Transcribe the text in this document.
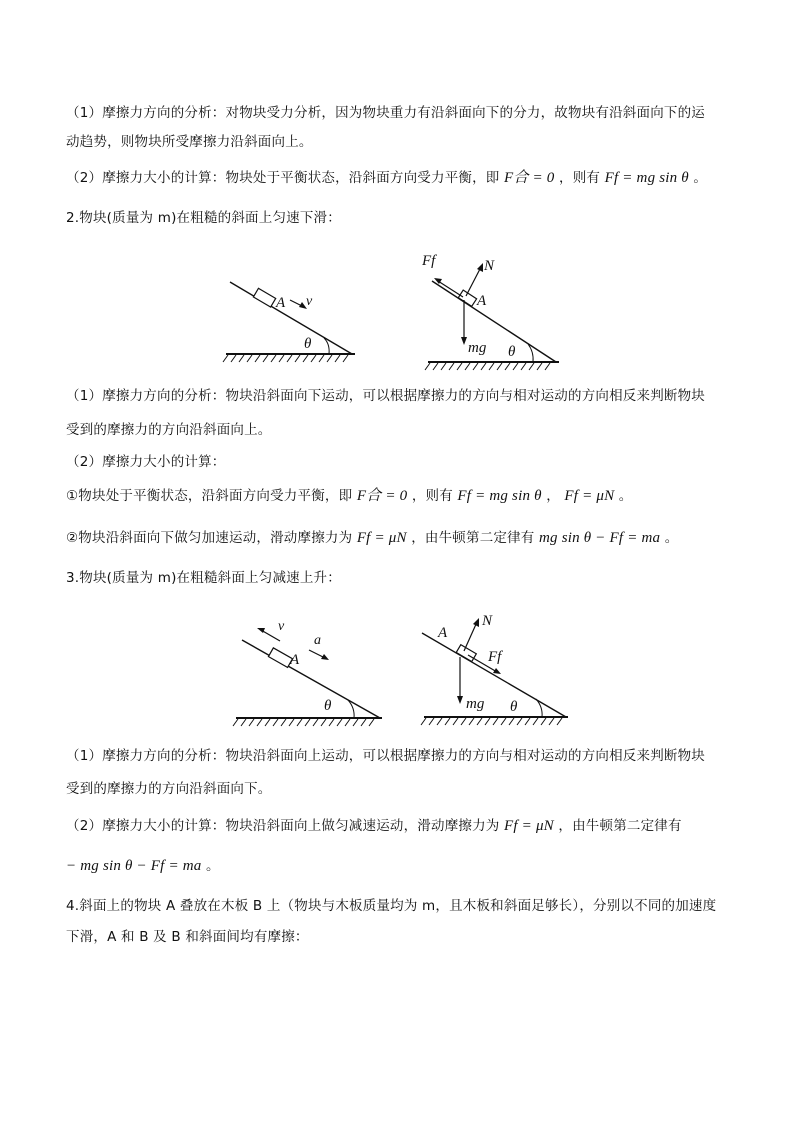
（1）摩擦力方向的分析：对物块受力分析，因为物块重力有沿斜面向下的分力，故物块有沿斜面向下的运
动趋势，则物块所受摩擦力沿斜面向上。
（2）摩擦力大小的计算：物块处于平衡状态，沿斜面方向受力平衡，即 F合 = 0 ，则有 Ff = mg sin θ 。
2.物块(质量为 m)在粗糙的斜面上匀速下滑：
A v
θ
Ff	N
A
mg θ
（1）摩擦力方向的分析：物块沿斜面向下运动，可以根据摩擦力的方向与相对运动的方向相反来判断物块
受到的摩擦力的方向沿斜面向上。
（2）摩擦力大小的计算：
①物块处于平衡状态，沿斜面方向受力平衡，即 F合 = 0 ，则有 Ff = mg sin θ ， Ff = μN 。
②物块沿斜面向下做匀加速运动，滑动摩擦力为 Ff = μN ，由牛顿第二定律有 mg sin θ − Ff = ma 。
3.物块(质量为 m)在粗糙斜面上匀减速上升：
A
v
a
θ
A
N
Ff
mg θ
（1）摩擦力方向的分析：物块沿斜面向上运动，可以根据摩擦力的方向与相对运动的方向相反来判断物块
受到的摩擦力的方向沿斜面向下。
（2）摩擦力大小的计算：物块沿斜面向上做匀减速运动，滑动摩擦力为 Ff = μN ，由牛顿第二定律有
− mg sin θ − Ff = ma 。
4.斜面上的物块 A 叠放在木板 B 上（物块与木板质量均为 m，且木板和斜面足够长），分别以不同的加速度
下滑，A 和 B 及 B 和斜面间均有摩擦：
